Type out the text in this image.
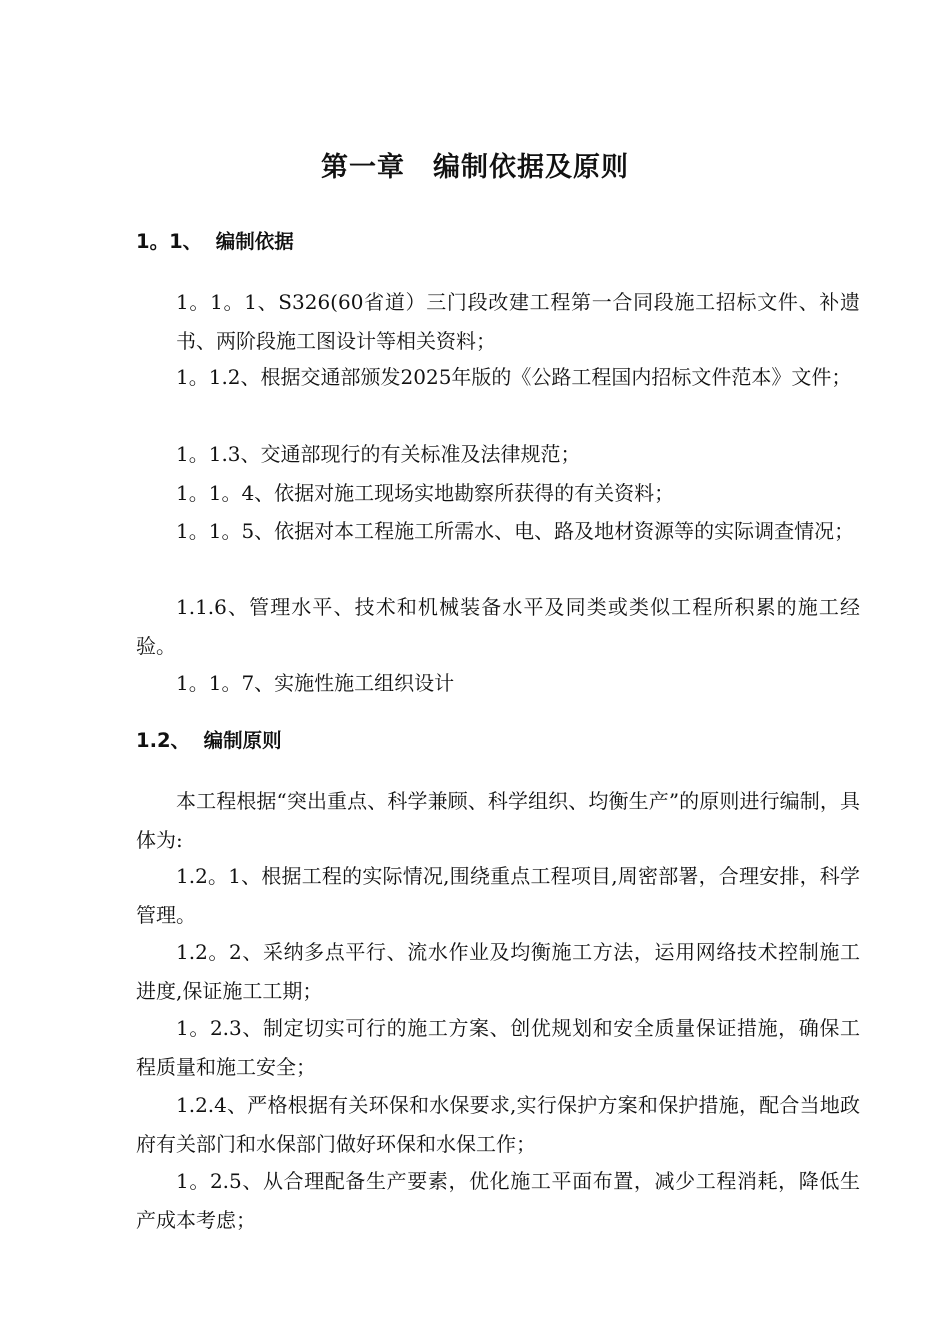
第一章　编制依据及原则
1。1、  编制依据

1。1。1、S326(60省道）三门段改建工程第一合同段施工招标文件、补遗书、两阶段施工图设计等相关资料；

1。1.2、根据交通部颁发2025年版的《公路工程国内招标文件范本》文件；

1。1.3、交通部现行的有关标准及法律规范；

1。1。4、依据对施工现场实地勘察所获得的有关资料；

1。1。5、依据对本工程施工所需水、电、路及地材资源等的实际调查情况；

1.1.6、管理水平、技术和机械装备水平及同类或类似工程所积累的施工经验。

1。1。7、实施性施工组织设计

1.2、  编制原则

本工程根据“突出重点、科学兼顾、科学组织、均衡生产”的原则进行编制，具体为:

1.2。1、根据工程的实际情况,围绕重点工程项目,周密部署，合理安排，科学管理。

1.2。2、采纳多点平行、流水作业及均衡施工方法，运用网络技术控制施工进度,保证施工工期；

1。2.3、制定切实可行的施工方案、创优规划和安全质量保证措施，确保工程质量和施工安全；

1.2.4、严格根据有关环保和水保要求,实行保护方案和保护措施，配合当地政府有关部门和水保部门做好环保和水保工作；

1。2.5、从合理配备生产要素，优化施工平面布置，减少工程消耗，降低生产成本考虑；
